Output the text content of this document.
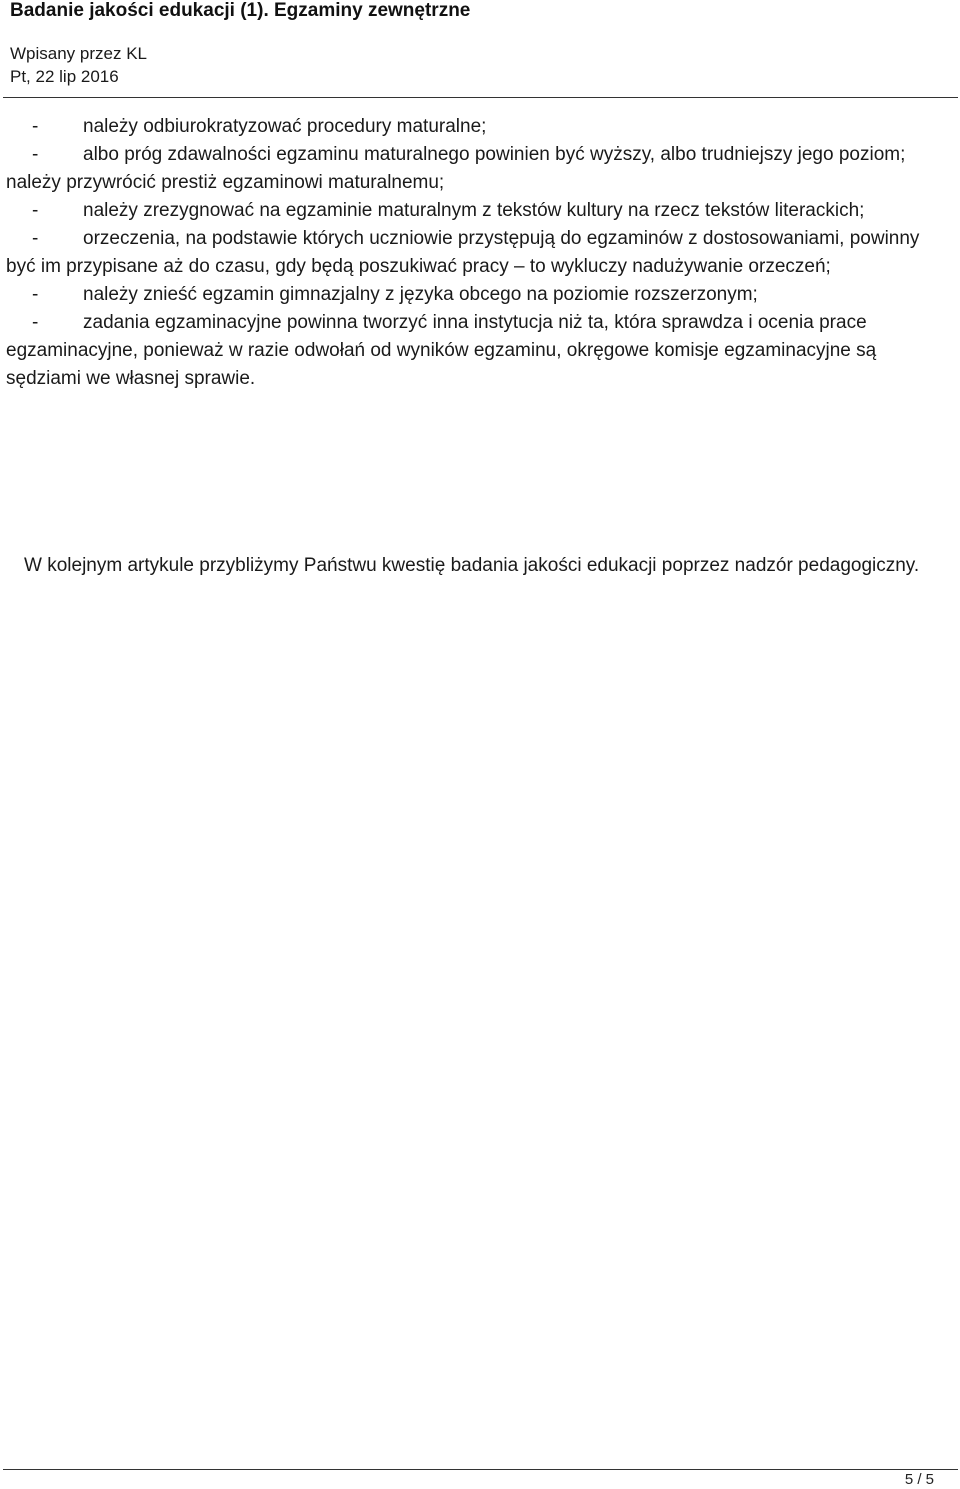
Badanie jakości edukacji (1). Egzaminy zewnętrzne
Wpisany przez KL
Pt, 22 lip 2016

- należy odbiurokratyzować procedury maturalne;

- albo próg zdawalności egzaminu maturalnego powinien być wyższy, albo trudniejszy jego poziom; należy przywrócić prestiż egzaminowi maturalnemu;

- należy zrezygnować na egzaminie maturalnym z tekstów kultury na rzecz tekstów literackich;

- orzeczenia, na podstawie których uczniowie przystępują do egzaminów z dostosowaniami, powinny być im przypisane aż do czasu, gdy będą poszukiwać pracy – to wykluczy nadużywanie orzeczeń;

- należy znieść egzamin gimnazjalny z języka obcego na poziomie rozszerzonym;

- zadania egzaminacyjne powinna tworzyć inna instytucja niż ta, która sprawdza i ocenia prace egzaminacyjne, ponieważ w razie odwołań od wyników egzaminu, okręgowe komisje egzaminacyjne są sędziami we własnej sprawie.

W kolejnym artykule przybliżymy Państwu kwestię badania jakości edukacji poprzez nadzór pedagogiczny.

5 / 5
